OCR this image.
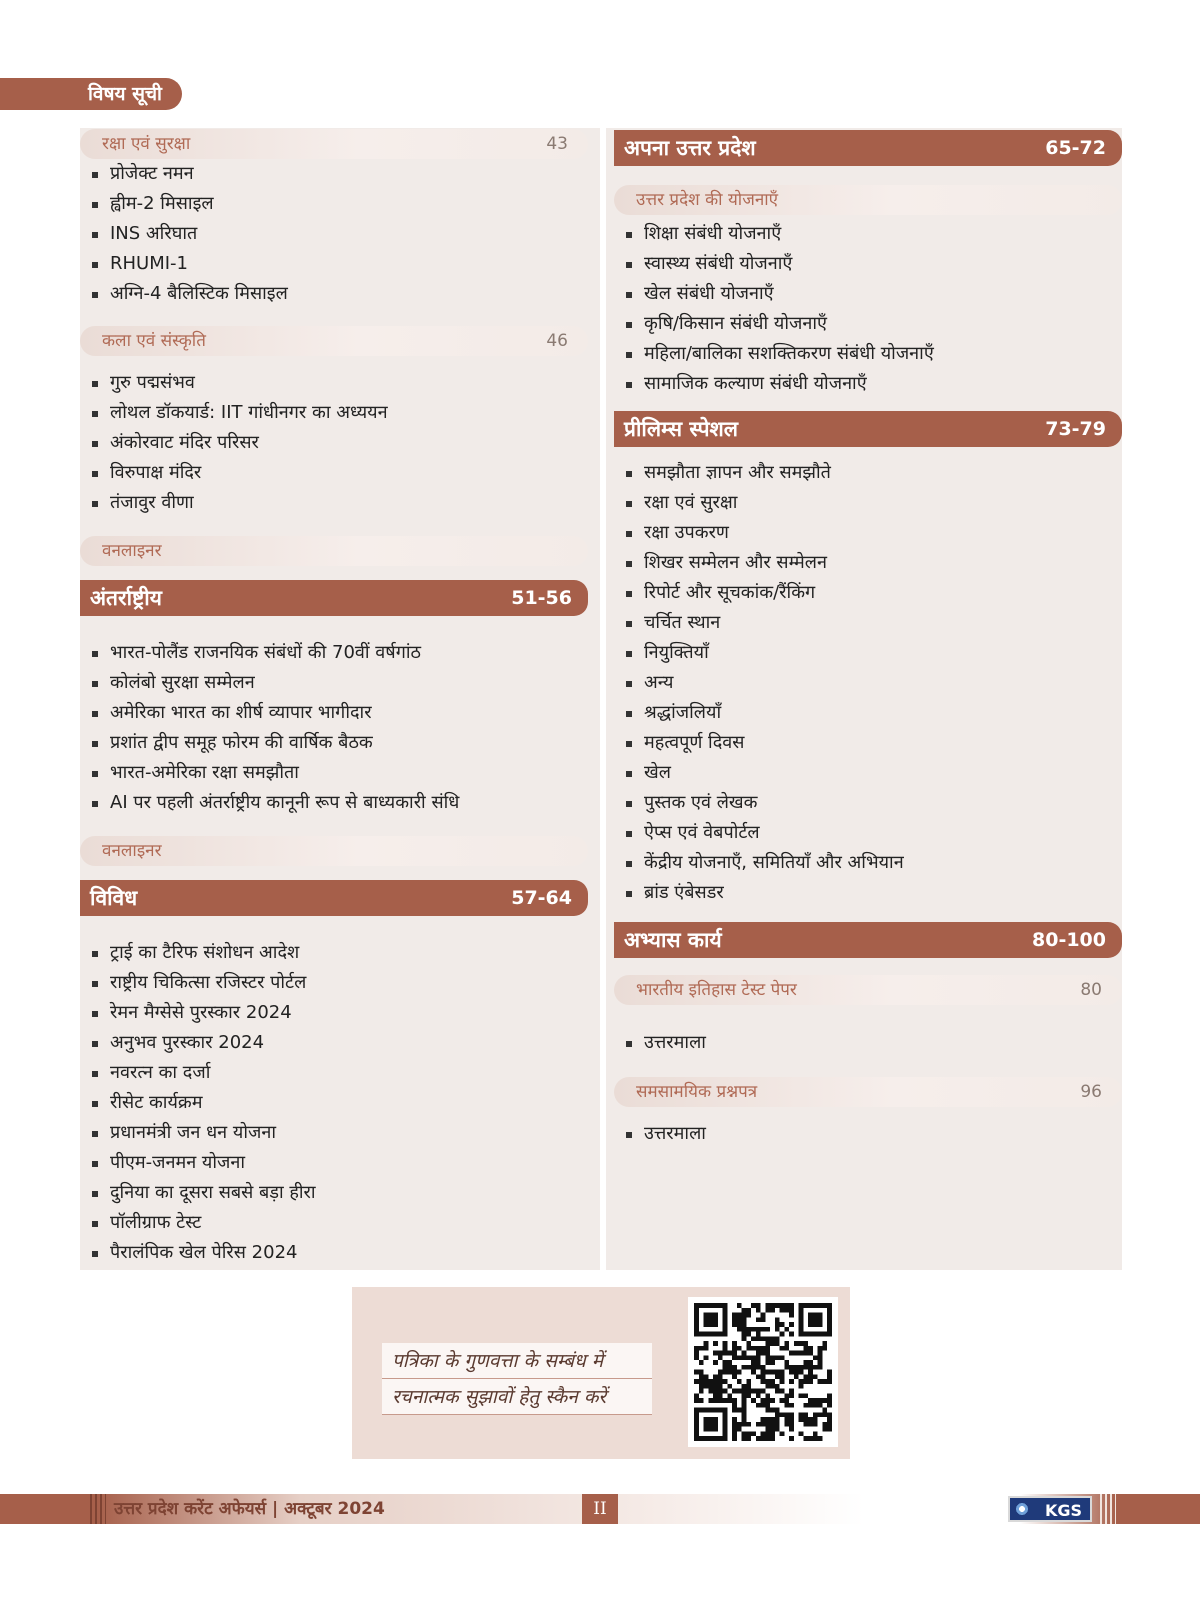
विषय सूची
रक्षा एवं सुरक्षा	43
प्रोजेक्ट नमन
ह्वीम-2 मिसाइल
INS अरिघात
RHUMI-1
अग्नि-4 बैलिस्टिक मिसाइल
कला एवं संस्कृति	46
गुरु पद्मसंभव
लोथल डॉकयार्ड: IIT गांधीनगर का अध्ययन
अंकोरवाट मंदिर परिसर
विरुपाक्ष मंदिर
तंजावुर वीणा
वनलाइनर
अंतर्राष्ट्रीय	51-56
भारत-पोलैंड राजनयिक संबंधों की 70वीं वर्षगांठ
कोलंबो सुरक्षा सम्मेलन
अमेरिका भारत का शीर्ष व्यापार भागीदार
प्रशांत द्वीप समूह फोरम की वार्षिक बैठक
भारत-अमेरिका रक्षा समझौता
AI पर पहली अंतर्राष्ट्रीय कानूनी रूप से बाध्यकारी संधि
वनलाइनर
विविध	57-64
ट्राई का टैरिफ संशोधन आदेश
राष्ट्रीय चिकित्सा रजिस्टर पोर्टल
रेमन मैग्सेसे पुरस्कार 2024
अनुभव पुरस्कार 2024
नवरत्न का दर्जा
रीसेट कार्यक्रम
प्रधानमंत्री जन धन योजना
पीएम-जनमन योजना
दुनिया का दूसरा सबसे बड़ा हीरा
पॉलीग्राफ टेस्ट
पैरालंपिक खेल पेरिस 2024
अपना उत्तर प्रदेश	65-72
उत्तर प्रदेश की योजनाएँ
शिक्षा संबंधी योजनाएँ
स्वास्थ्य संबंधी योजनाएँ
खेल संबंधी योजनाएँ
कृषि/किसान संबंधी योजनाएँ
महिला/बालिका सशक्तिकरण संबंधी योजनाएँ
सामाजिक कल्याण संबंधी योजनाएँ
प्रीलिम्स स्पेशल	73-79
समझौता ज्ञापन और समझौते
रक्षा एवं सुरक्षा
रक्षा उपकरण
शिखर सम्मेलन और सम्मेलन
रिपोर्ट और सूचकांक/रैंकिंग
चर्चित स्थान
नियुक्तियाँ
अन्य
श्रद्धांजलियाँ
महत्वपूर्ण दिवस
खेल
पुस्तक एवं लेखक
ऐप्स एवं वेबपोर्टल
केंद्रीय योजनाएँ, समितियाँ और अभियान
ब्रांड एंबेसडर
अभ्यास कार्य	80-100
भारतीय इतिहास टेस्ट पेपर	80
उत्तरमाला
समसामयिक प्रश्नपत्र	96
उत्तरमाला
पत्रिका के गुणवत्ता के सम्बंध में
रचनात्मक सुझावों हेतु स्कैन करें
उत्तर प्रदेश करेंट अफेयर्स | अक्टूबर 2024	II	KGS
